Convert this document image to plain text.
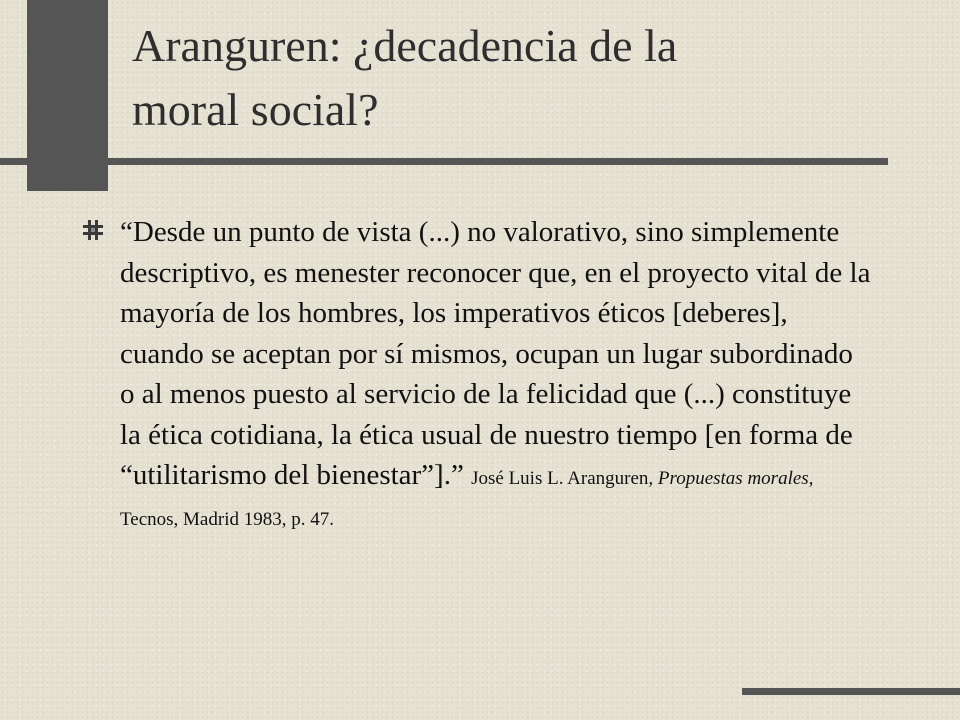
Aranguren: ¿decadencia de la
moral social?

“Desde un punto de vista (...) no valorativo, sino simplemente descriptivo, es menester reconocer que, en el proyecto vital de la mayoría de los hombres, los imperativos éticos [deberes], cuando se aceptan por sí mismos, ocupan un lugar subordinado o al menos puesto al servicio de la felicidad que (...) constituye la ética cotidiana, la ética usual de nuestro tiempo [en forma de “utilitarismo del bienestar”].” José Luis L. Aranguren, Propuestas morales, Tecnos, Madrid 1983, p. 47.
